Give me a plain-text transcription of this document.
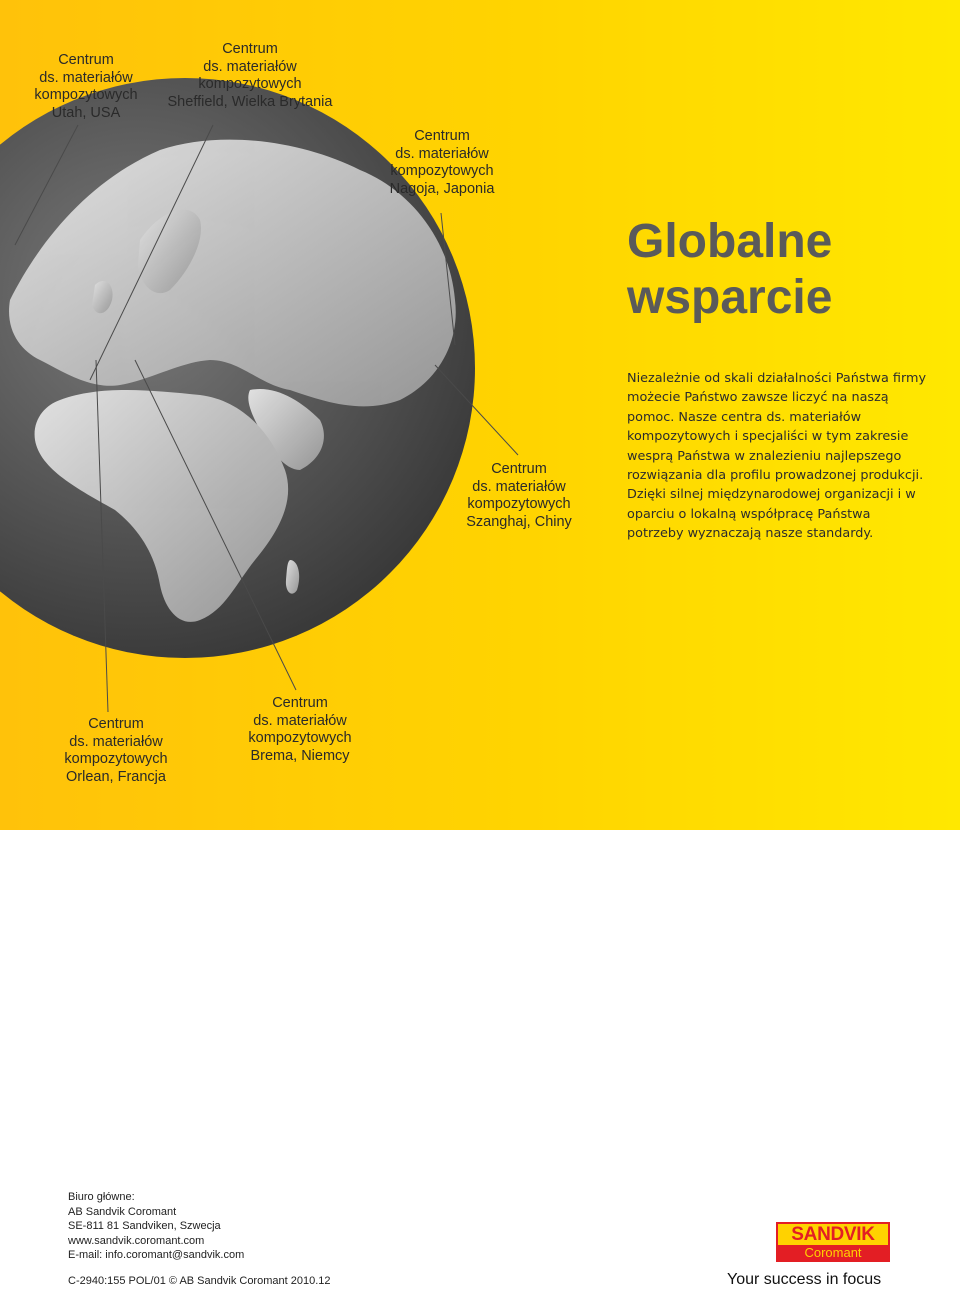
Centrum
ds. materiałów
kompozytowych
Utah, USA
Centrum
ds. materiałów
kompozytowych
Sheffield, Wielka Brytania
Centrum
ds. materiałów
kompozytowych
Nagoja, Japonia
Centrum
ds. materiałów
kompozytowych
Szanghaj, Chiny
Centrum
ds. materiałów
kompozytowych
Orlean, Francja
Centrum
ds. materiałów
kompozytowych
Brema, Niemcy
Globalne
wsparcie

Niezależnie od skali działalności Państwa firmy możecie Państwo zawsze liczyć na naszą pomoc. Nasze centra ds. materiałów kompozytowych i specjaliści w tym zakresie wesprą Państwa w znalezieniu najlepszego rozwiązania dla profilu prowadzonej produkcji. Dzięki silnej międzynarodowej organizacji i w oparciu o lokalną współpracę Państwa potrzeby wyznaczają nasze standardy.

Biuro główne:
AB Sandvik Coromant
SE-811 81 Sandviken, Szwecja
www.sandvik.coromant.com
E-mail: info.coromant@sandvik.com
C-2940:155 POL/01 © AB Sandvik Coromant 2010.12
SANDVIK
Coromant
Your success in focus
